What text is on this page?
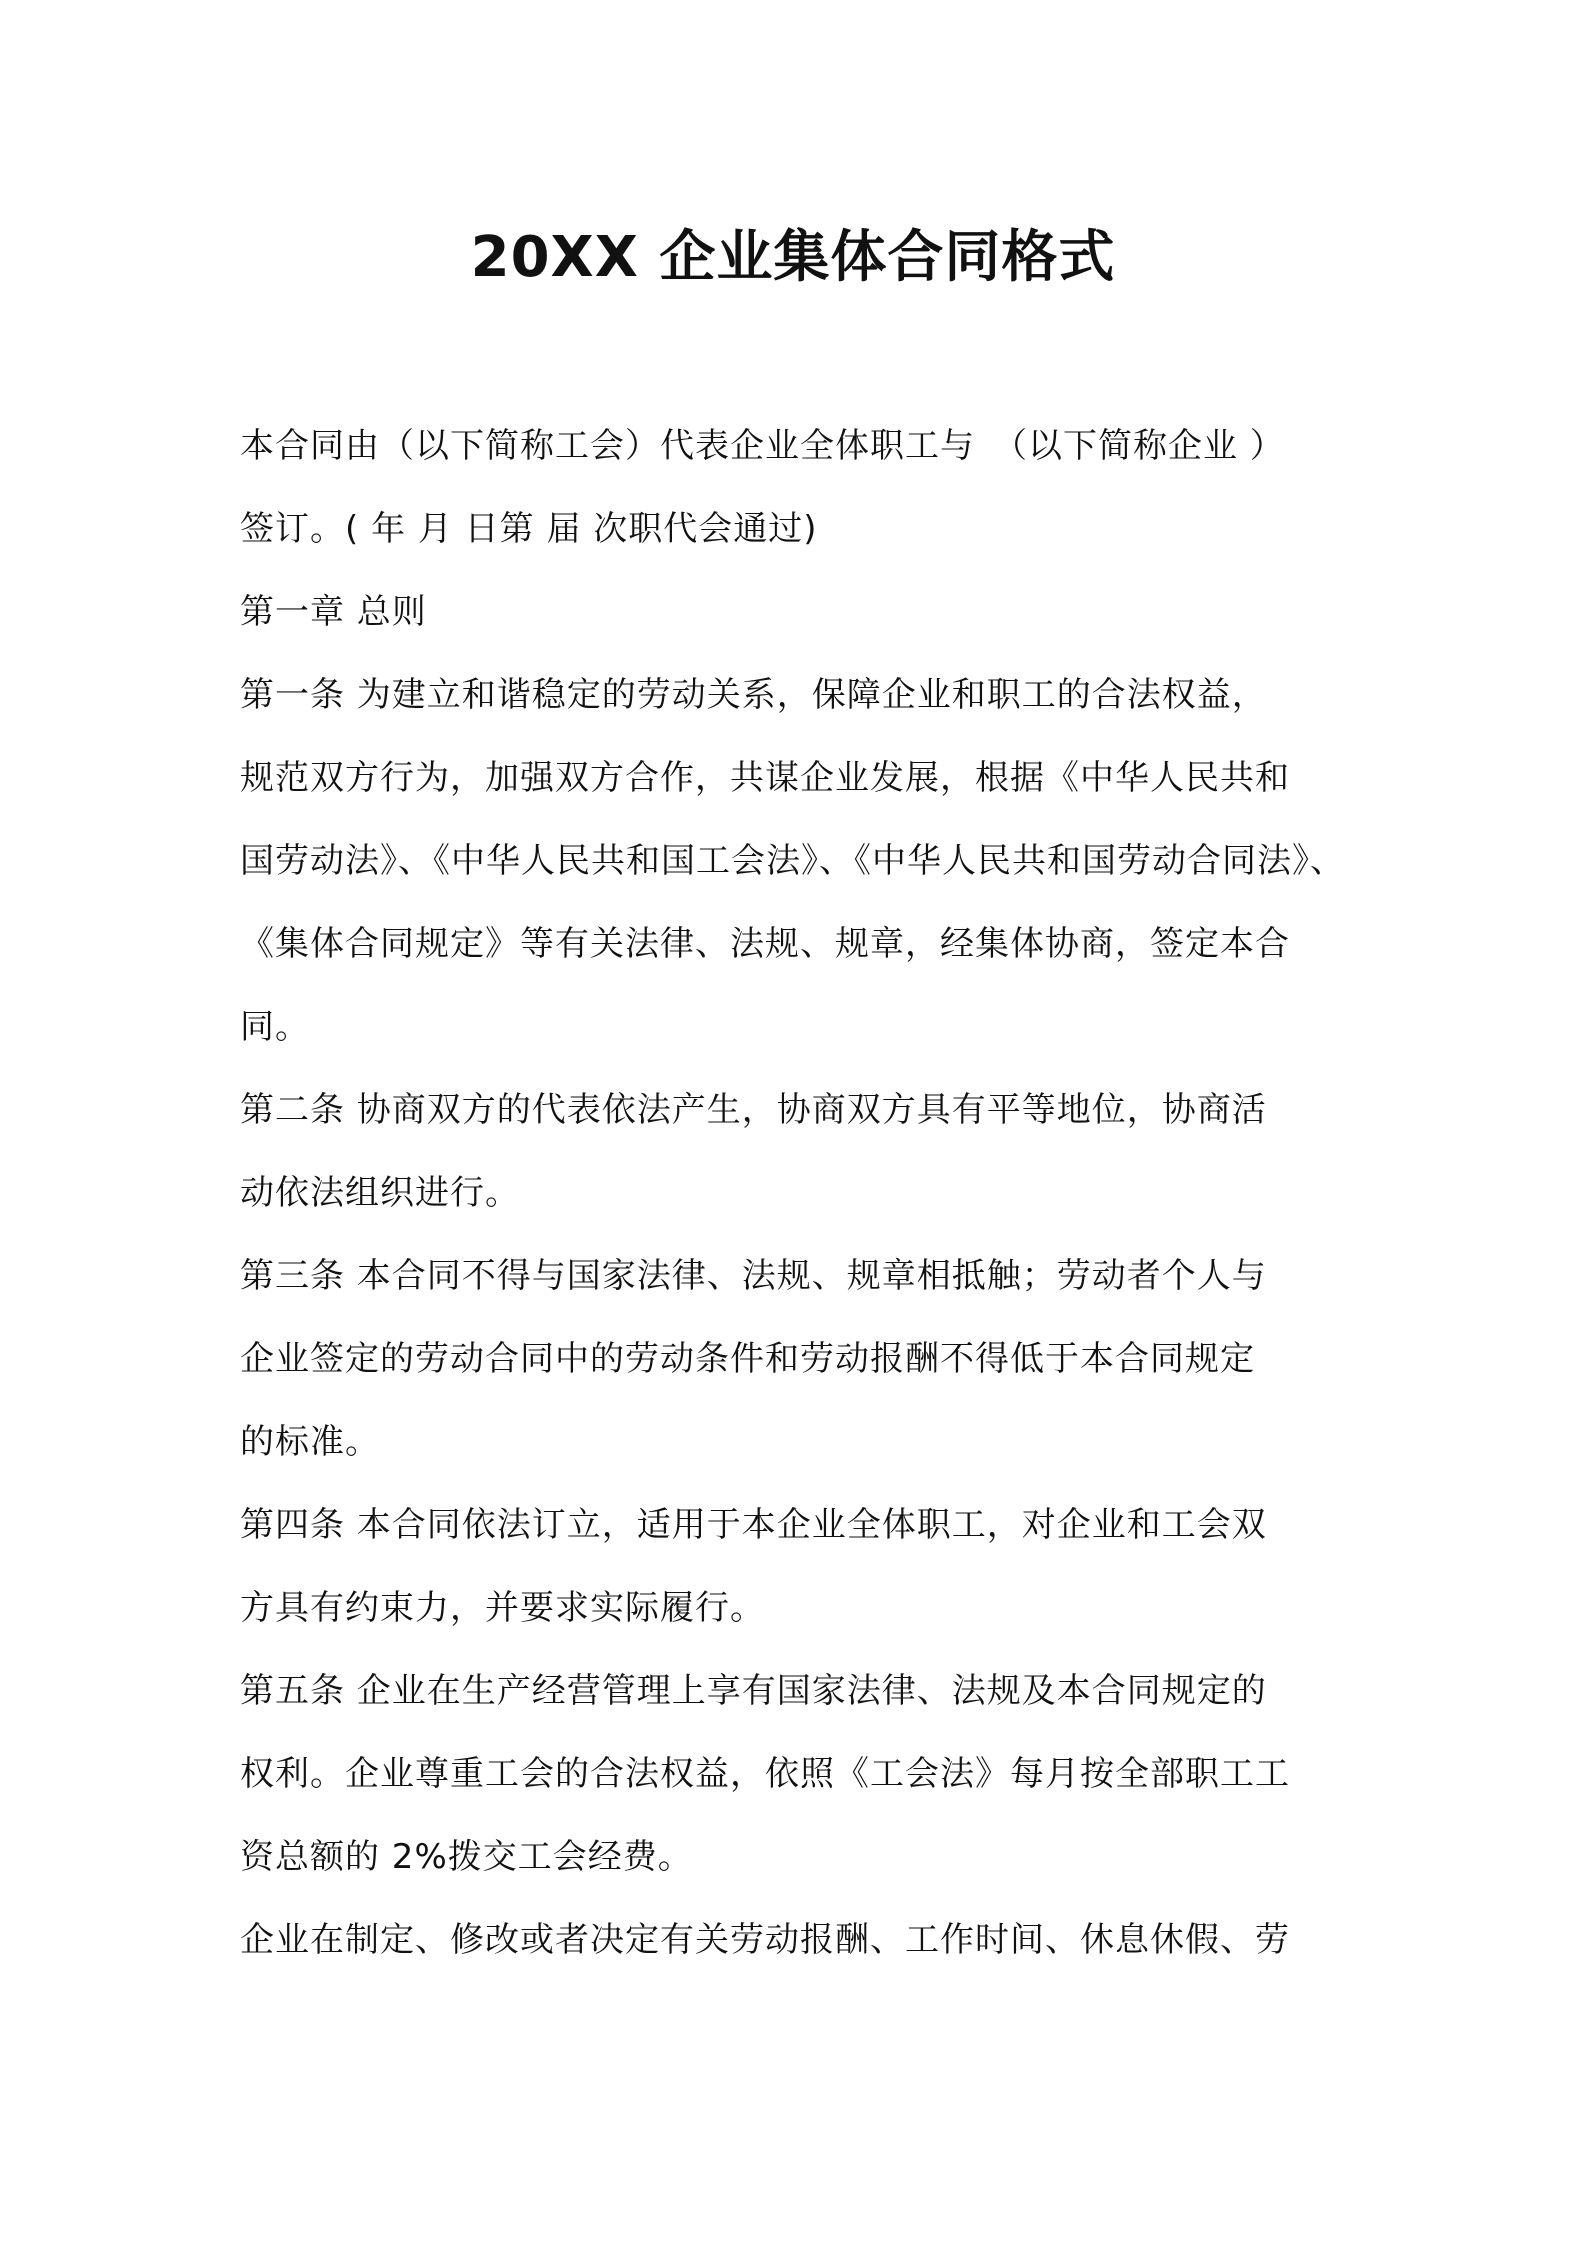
20XX 企业集体合同格式
本合同由（以下简称工会）代表企业全体职工与　（以下简称企业 ）
签订。( 年 月 日第 届 次职代会通过)
第一章 总则
第一条 为建立和谐稳定的劳动关系，保障企业和职工的合法权益，
规范双方行为，加强双方合作，共谋企业发展，根据《中华人民共和
国劳动法》、《中华人民共和国工会法》、《中华人民共和国劳动合同法》、
《集体合同规定》等有关法律、法规、规章，经集体协商，签定本合
同。
第二条 协商双方的代表依法产生，协商双方具有平等地位，协商活
动依法组织进行。
第三条 本合同不得与国家法律、法规、规章相抵触；劳动者个人与
企业签定的劳动合同中的劳动条件和劳动报酬不得低于本合同规定
的标准。
第四条 本合同依法订立，适用于本企业全体职工，对企业和工会双
方具有约束力，并要求实际履行。
第五条 企业在生产经营管理上享有国家法律、法规及本合同规定的
权利。企业尊重工会的合法权益，依照《工会法》每月按全部职工工
资总额的 2%拨交工会经费。
企业在制定、修改或者决定有关劳动报酬、工作时间、休息休假、劳
